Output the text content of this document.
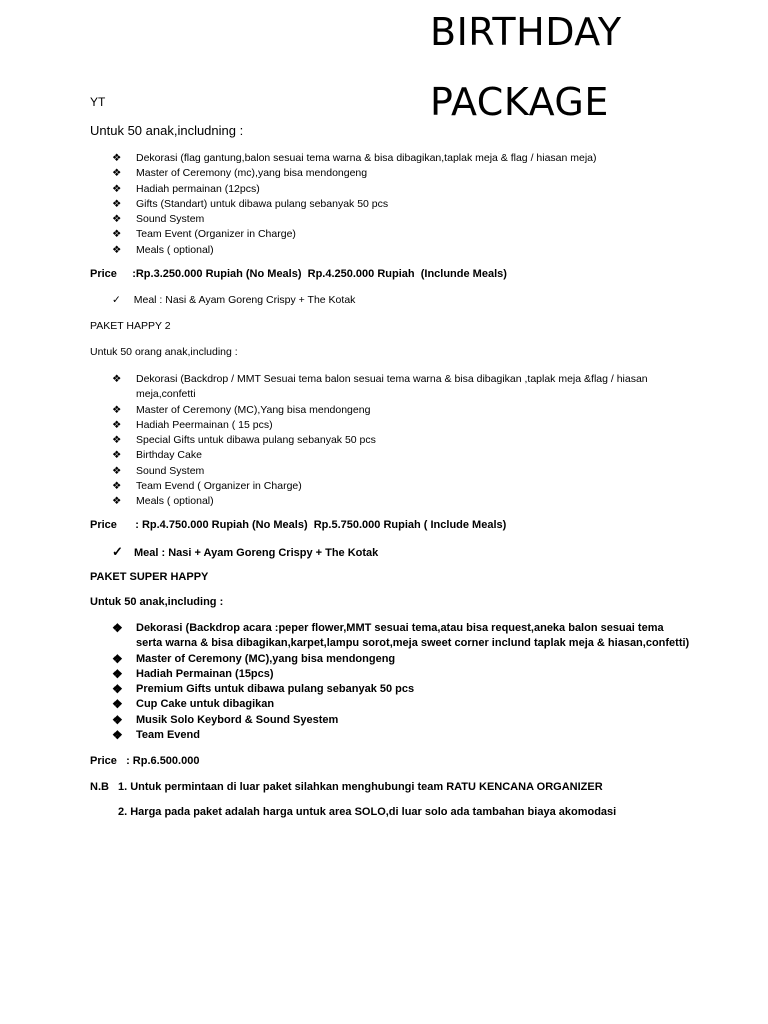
BIRTHDAY
PACKAGE
YT
Untuk 50 anak,includning :
❖ Dekorasi (flag gantung,balon sesuai tema warna & bisa dibagikan,taplak meja & flag / hiasan meja)
❖ Master of Ceremony (mc),yang bisa mendongeng
❖ Hadiah permainan (12pcs)
❖ Gifts (Standart) untuk dibawa pulang sebanyak 50 pcs
❖ Sound System
❖ Team Event (Organizer in Charge)
❖ Meals ( optional)
Price     :Rp.3.250.000 Rupiah (No Meals)  Rp.4.250.000 Rupiah  (Inclunde Meals)
✓ Meal : Nasi & Ayam Goreng Crispy + The Kotak
PAKET HAPPY 2
Untuk 50 orang anak,including :
❖ Dekorasi (Backdrop / MMT Sesuai tema balon sesuai tema warna & bisa dibagikan ,taplak meja &flag / hiasan meja,confetti
❖ Master of Ceremony (MC),Yang bisa mendongeng
❖ Hadiah Peermainan ( 15 pcs)
❖ Special Gifts untuk dibawa pulang sebanyak 50 pcs
❖ Birthday Cake
❖ Sound System
❖ Team Evend ( Organizer in Charge)
❖ Meals ( optional)
Price      : Rp.4.750.000 Rupiah (No Meals)  Rp.5.750.000 Rupiah ( Include Meals)
✓ Meal : Nasi + Ayam Goreng Crispy + The Kotak
PAKET SUPER HAPPY
Untuk 50 anak,including :
❖ Dekorasi (Backdrop acara :peper flower,MMT sesuai tema,atau bisa request,aneka balon sesuai tema serta warna & bisa dibagikan,karpet,lampu sorot,meja sweet corner inclund taplak meja & hiasan,confetti)
❖ Master of Ceremony (MC),yang bisa mendongeng
❖ Hadiah Permainan (15pcs)
❖ Premium Gifts untuk dibawa pulang sebanyak 50 pcs
❖ Cup Cake untuk dibagikan
❖ Musik Solo Keybord & Sound Syestem
❖ Team Evend
Price   : Rp.6.500.000
N.B 1. Untuk permintaan di luar paket silahkan menghubungi team RATU KENCANA ORGANIZER
2. Harga pada paket adalah harga untuk area SOLO,di luar solo ada tambahan biaya akomodasi
